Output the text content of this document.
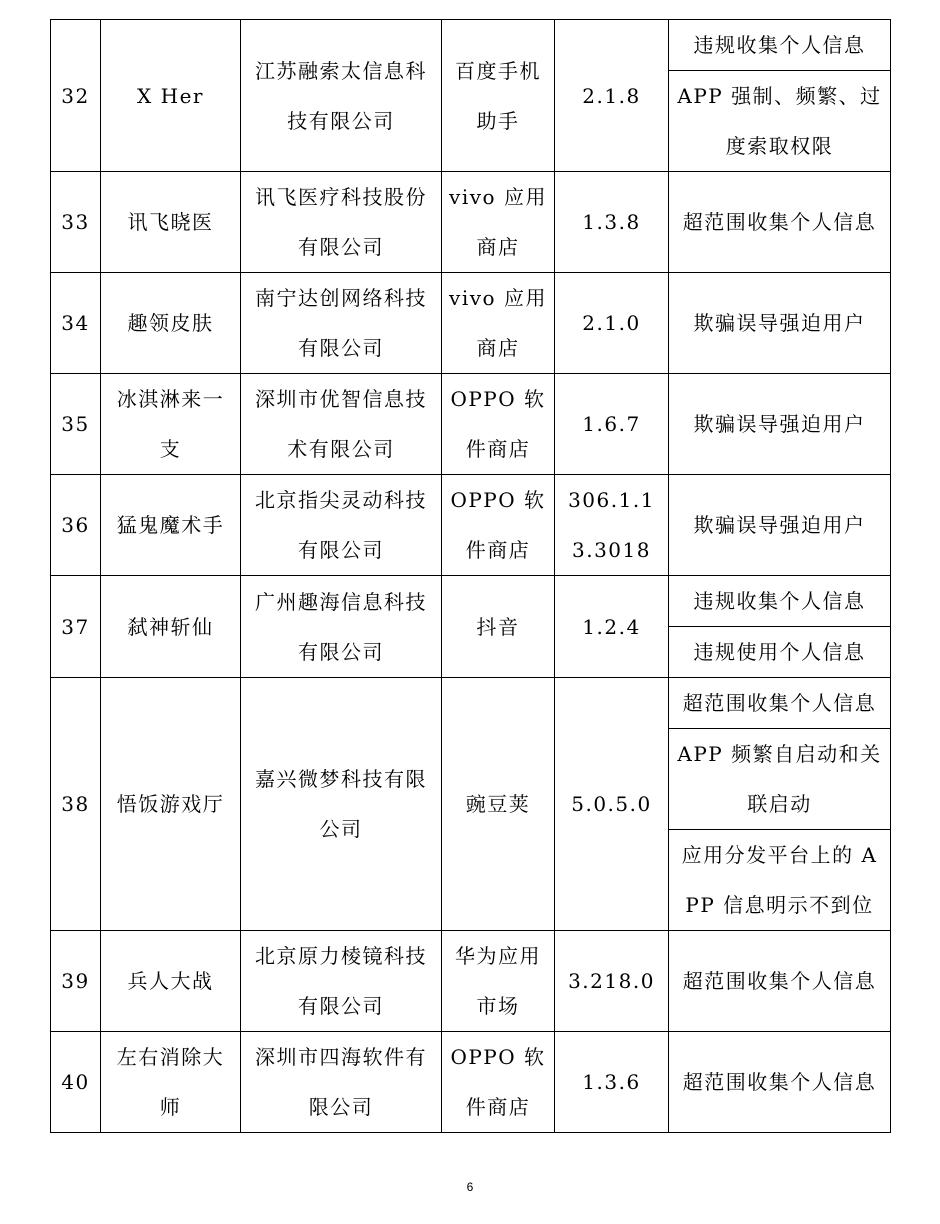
32	X Her	江苏融索太信息科技有限公司	百度手机助手	2.1.8	违规收集个人信息
					APP 强制、频繁、过度索取权限
33	讯飞晓医	讯飞医疗科技股份有限公司	vivo 应用商店	1.3.8	超范围收集个人信息
34	趣领皮肤	南宁达创网络科技有限公司	vivo 应用商店	2.1.0	欺骗误导强迫用户
35	冰淇淋来一支	深圳市优智信息技术有限公司	OPPO 软件商店	1.6.7	欺骗误导强迫用户
36	猛鬼魔术手	北京指尖灵动科技有限公司	OPPO 软件商店	306.1.13.3018	欺骗误导强迫用户
37	弑神斩仙	广州趣海信息科技有限公司	抖音	1.2.4	违规收集个人信息
					违规使用个人信息
38	悟饭游戏厅	嘉兴微梦科技有限公司	豌豆荚	5.0.5.0	超范围收集个人信息
					APP 频繁自启动和关联启动
					应用分发平台上的 APP 信息明示不到位
39	兵人大战	北京原力棱镜科技有限公司	华为应用市场	3.218.0	超范围收集个人信息
40	左右消除大师	深圳市四海软件有限公司	OPPO 软件商店	1.3.6	超范围收集个人信息
6
